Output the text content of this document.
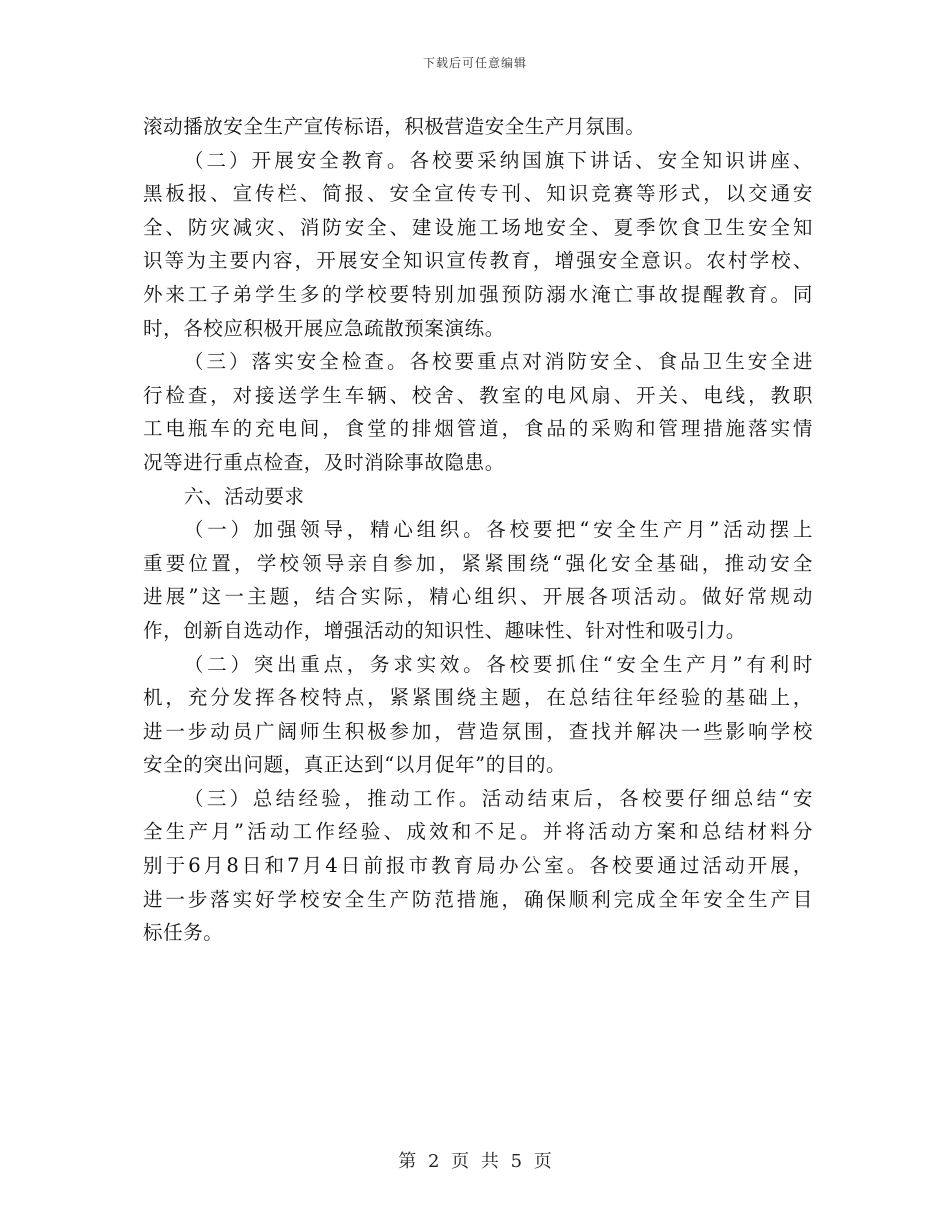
下载后可任意编辑
滚动播放安全生产宣传标语，积极营造安全生产月氛围。
（二）开展安全教育。各校要采纳国旗下讲话、安全知识讲座、
黑板报、宣传栏、简报、安全宣传专刊、知识竞赛等形式，以交通安
全、防灾减灾、消防安全、建设施工场地安全、夏季饮食卫生安全知
识等为主要内容，开展安全知识宣传教育，增强安全意识。农村学校、
外来工子弟学生多的学校要特别加强预防溺水淹亡事故提醒教育。同
时，各校应积极开展应急疏散预案演练。
（三）落实安全检查。各校要重点对消防安全、食品卫生安全进
行检查，对接送学生车辆、校舍、教室的电风扇、开关、电线，教职
工电瓶车的充电间，食堂的排烟管道，食品的采购和管理措施落实情
况等进行重点检查，及时消除事故隐患。
六、活动要求
（一）加强领导，精心组织。各校要把“安全生产月”活动摆上
重要位置，学校领导亲自参加，紧紧围绕“强化安全基础，推动安全
进展”这一主题，结合实际，精心组织、开展各项活动。做好常规动
作，创新自选动作，增强活动的知识性、趣味性、针对性和吸引力。
（二）突出重点，务求实效。各校要抓住“安全生产月”有利时
机，充分发挥各校特点，紧紧围绕主题，在总结往年经验的基础上，
进一步动员广阔师生积极参加，营造氛围，查找并解决一些影响学校
安全的突出问题，真正达到“以月促年”的目的。
（三）总结经验，推动工作。活动结束后，各校要仔细总结“安
全生产月”活动工作经验、成效和不足。并将活动方案和总结材料分
别于6月8日和7月4日前报市教育局办公室。各校要通过活动开展，
进一步落实好学校安全生产防范措施，确保顺利完成全年安全生产目
标任务。
第 2 页 共 5 页
